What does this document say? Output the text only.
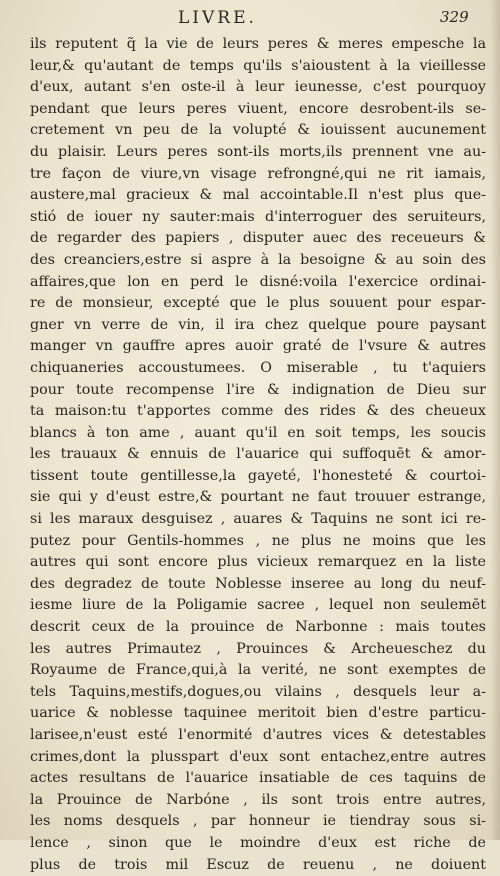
LIVRE.	329
ils reputent q̃ la vie de leurs peres & meres empesche la
leur,& qu'autant de temps qu'ils s'aioustent à la vieillesse
d'eux, autant s'en oste-il à leur ieunesse, c'est pourquoy
pendant que leurs peres viuent, encore desrobent-ils se-
cretement vn peu de la volupté & iouissent aucunement
du plaisir. Leurs peres sont-ils morts,ils prennent vne au-
tre façon de viure,vn visage refrongné,qui ne rit iamais,
austere,mal gracieux & mal accointable.Il n'est plus que-
stió de iouer ny sauter:mais d'interroguer des seruiteurs,
de regarder des papiers , disputer auec des receueurs &
des creanciers,estre si aspre à la besoigne & au soin des
affaires,que lon en perd le disné:voila l'exercice ordinai-
re de monsieur, excepté que le plus souuent pour espar-
gner vn verre de vin, il ira chez quelque poure paysant
manger vn gauffre apres auoir graté de l'vsure & autres
chiquaneries accoustumees. O miserable , tu t'aquiers
pour toute recompense l'ire & indignation de Dieu sur
ta maison:tu t'apportes comme des rides & des cheueux
blancs à ton ame , auant qu'il en soit temps, les soucis
les trauaux & ennuis de l'auarice qui suffoquēt & amor-
tissent toute gentillesse,la gayeté, l'honesteté & courtoi-
sie qui y d'eust estre,& pourtant ne faut trouuer estrange,
si les maraux desguisez , auares & Taquins ne sont ici re-
putez pour Gentils-hommes , ne plus ne moins que les
autres qui sont encore plus vicieux remarquez en la liste
des degradez de toute Noblesse inseree au long du neuf-
iesme liure de la Poligamie sacree , lequel non seulemēt
descrit ceux de la prouince de Narbonne : mais toutes
les autres Primautez , Prouinces & Archeueschez du
Royaume de France,qui,à la verité, ne sont exemptes de
tels Taquins,mestifs,dogues,ou vilains , desquels leur a-
uarice & noblesse taquinee meritoit bien d'estre particu-
larisee,n'eust esté l'enormité d'autres vices & detestables
crimes,dont la plusspart d'eux sont entachez,entre autres
actes resultans de l'auarice insatiable de ces taquins de
la Prouince de Narbóne , ils sont trois entre autres,
les noms desquels , par honneur ie tiendray sous si-
lence , sinon que le moindre d'eux est riche de
plus de trois mil Escuz de reuenu , ne doiuent
